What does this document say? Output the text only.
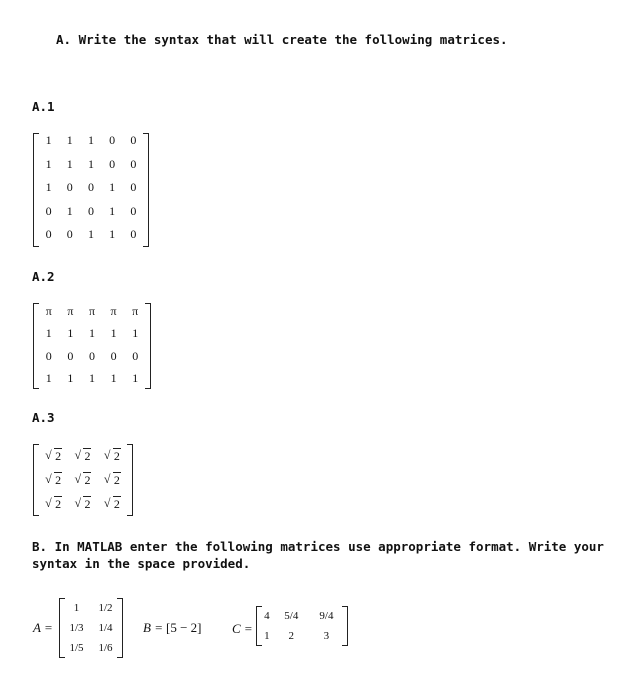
A. Write the syntax that will create the following matrices.
A.1
1	1	1	0	0
1	1	1	0	0
1	0	0	1	0
0	1	0	1	0
0	0	1	1	0
A.2
π	π	π	π	π
1	1	1	1	1
0	0	0	0	0
1	1	1	1	1
A.3
√ 2	√ 2	√ 2
√ 2	√ 2	√ 2
√ 2	√ 2	√ 2
B. In MATLAB enter the following matrices use appropriate format. Write your
syntax in the space provided.
A =
1	1/2
1/3	1/4
1/5	1/6
B = [5 − 2] C =
4	5/4	9/4
1	2	3
